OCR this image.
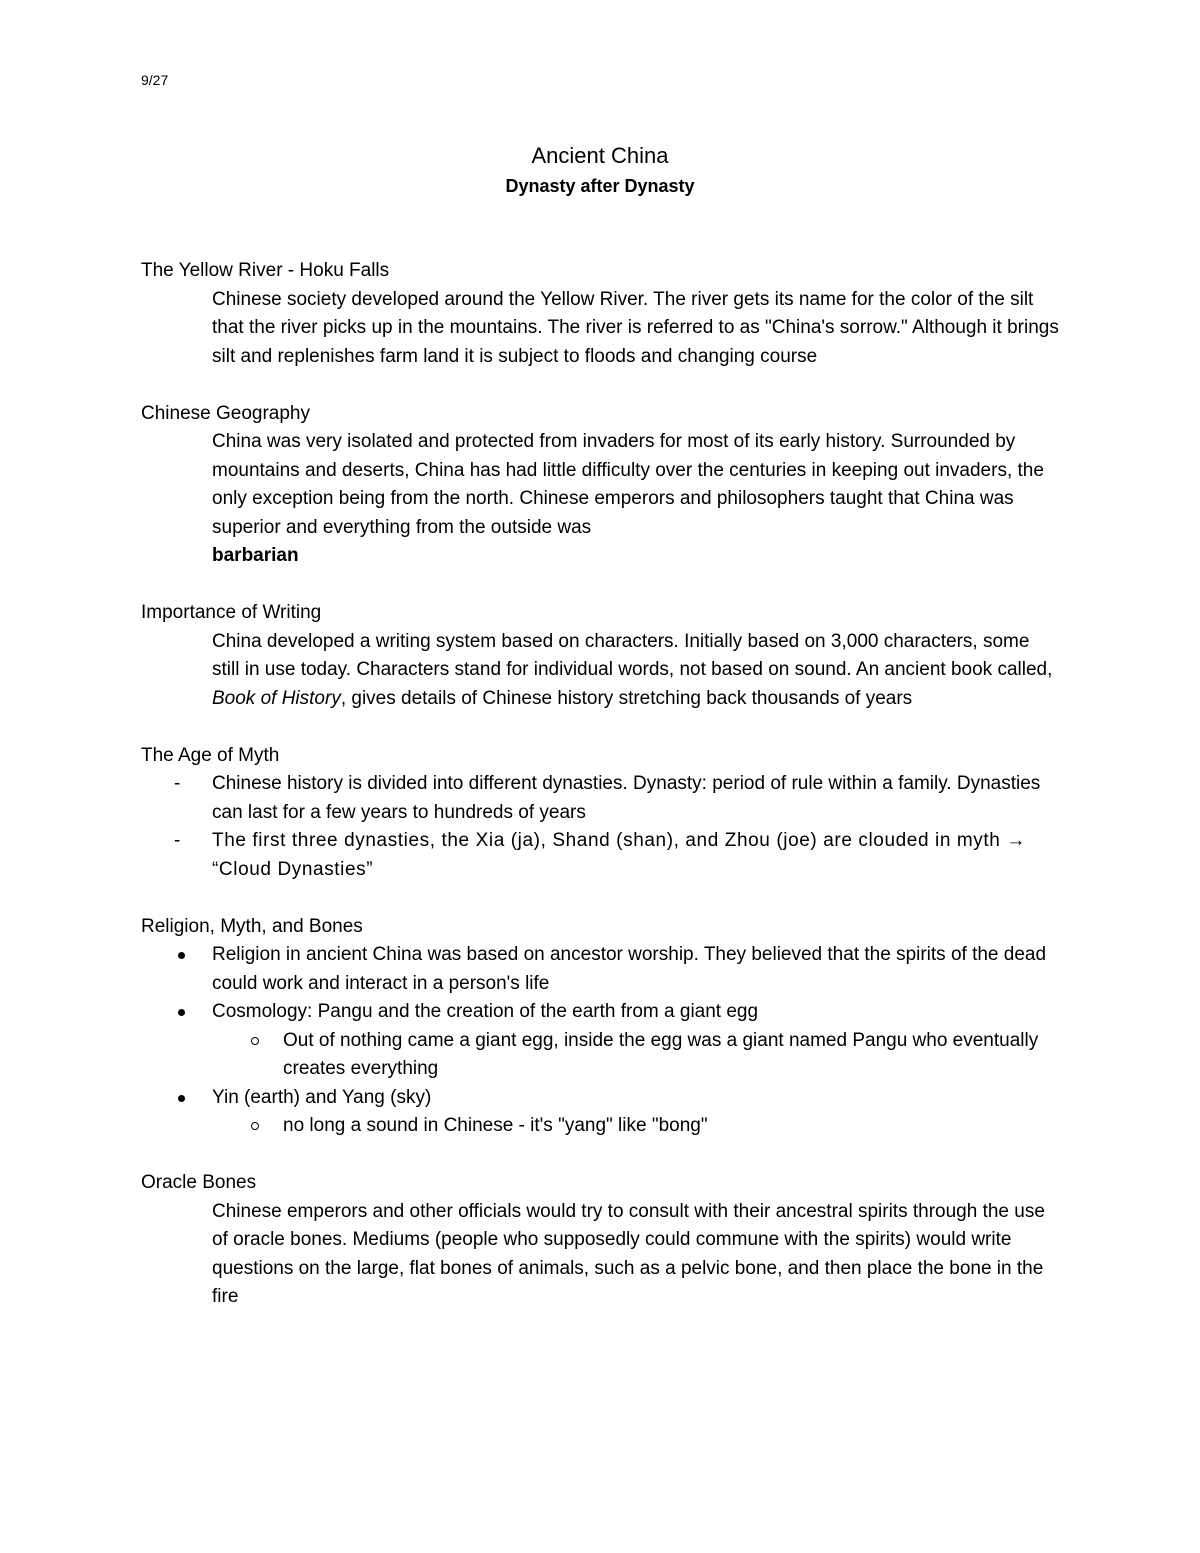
9/27
Ancient China
Dynasty after Dynasty

The Yellow River - Hoku Falls

Chinese society developed around the Yellow River. The river gets its name for the color of the silt that the river picks up in the mountains. The river is referred to as "China's sorrow." Although it brings silt and replenishes farm land it is subject to floods and changing course

Chinese Geography

China was very isolated and protected from invaders for most of its early history. Surrounded by mountains and deserts, China has had little difficulty over the centuries in keeping out invaders, the only exception being from the north. Chinese emperors and philosophers taught that China was superior and everything from the outside was
barbarian

Importance of Writing

China developed a writing system based on characters. Initially based on 3,000 characters, some still in use today. Characters stand for individual words, not based on sound. An ancient book called, Book of History, gives details of Chinese history stretching back thousands of years

The Age of Myth

-	Chinese history is divided into different dynasties. Dynasty: period of rule within a family. Dynasties can last for a few years to hundreds of years
-	The first three dynasties, the Xia (ja), Shand (shan), and Zhou (joe) are clouded in myth → “Cloud Dynasties”

Religion, Myth, and Bones

Religion in ancient China was based on ancestor worship. They believed that the spirits of the dead could work and interact in a person's life
Cosmology: Pangu and the creation of the earth from a giant egg
Out of nothing came a giant egg, inside the egg was a giant named Pangu who eventually creates everything
Yin (earth) and Yang (sky)
no long a sound in Chinese - it's "yang" like "bong"

Oracle Bones

Chinese emperors and other officials would try to consult with their ancestral spirits through the use of oracle bones. Mediums (people who supposedly could commune with the spirits) would write questions on the large, flat bones of animals, such as a pelvic bone, and then place the bone in the fire
